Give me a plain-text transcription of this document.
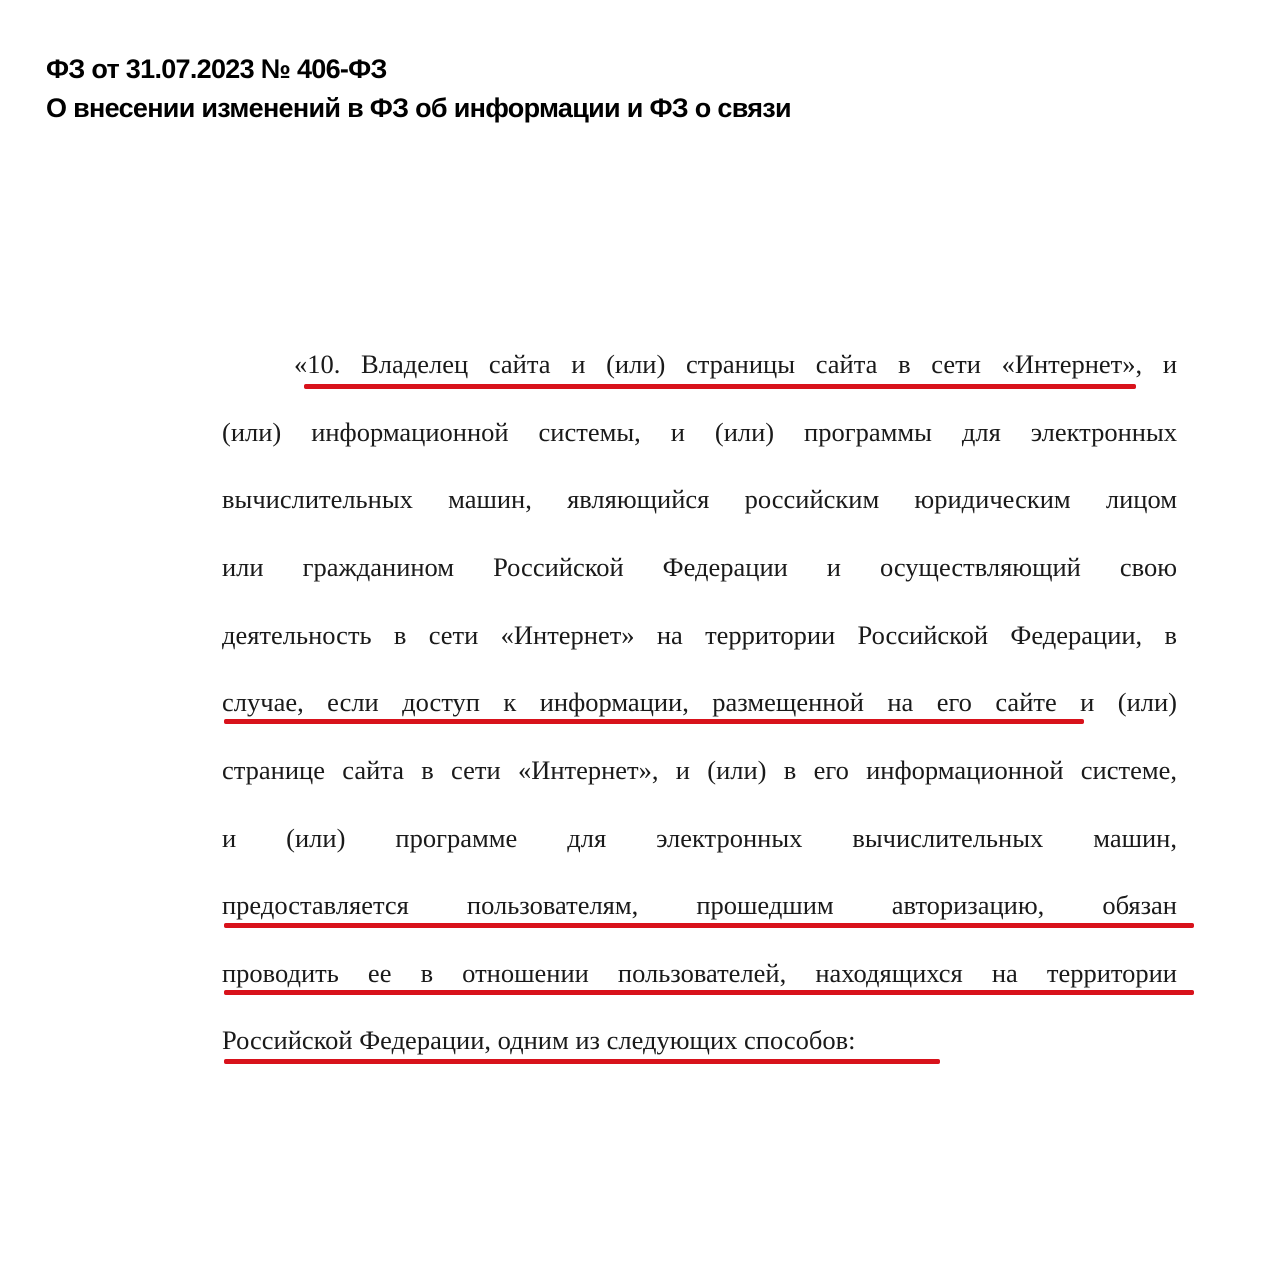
ФЗ от 31.07.2023 № 406-ФЗ
О внесении изменений в ФЗ об информации и ФЗ о связи
«10. Владелец сайта и (или) страницы сайта в сети «Интернет», и
(или) информационной системы, и (или) программы для электронных
вычислительных машин, являющийся российским юридическим лицом
или гражданином Российской Федерации и осуществляющий свою
деятельность в сети «Интернет» на территории Российской Федерации, в
случае, если доступ к информации, размещенной на его сайте и (или)
странице сайта в сети «Интернет», и (или) в его информационной системе,
и (или) программе для электронных вычислительных машин,
предоставляется пользователям, прошедшим авторизацию, обязан
проводить ее в отношении пользователей, находящихся на территории
Российской Федерации, одним из следующих способов:
